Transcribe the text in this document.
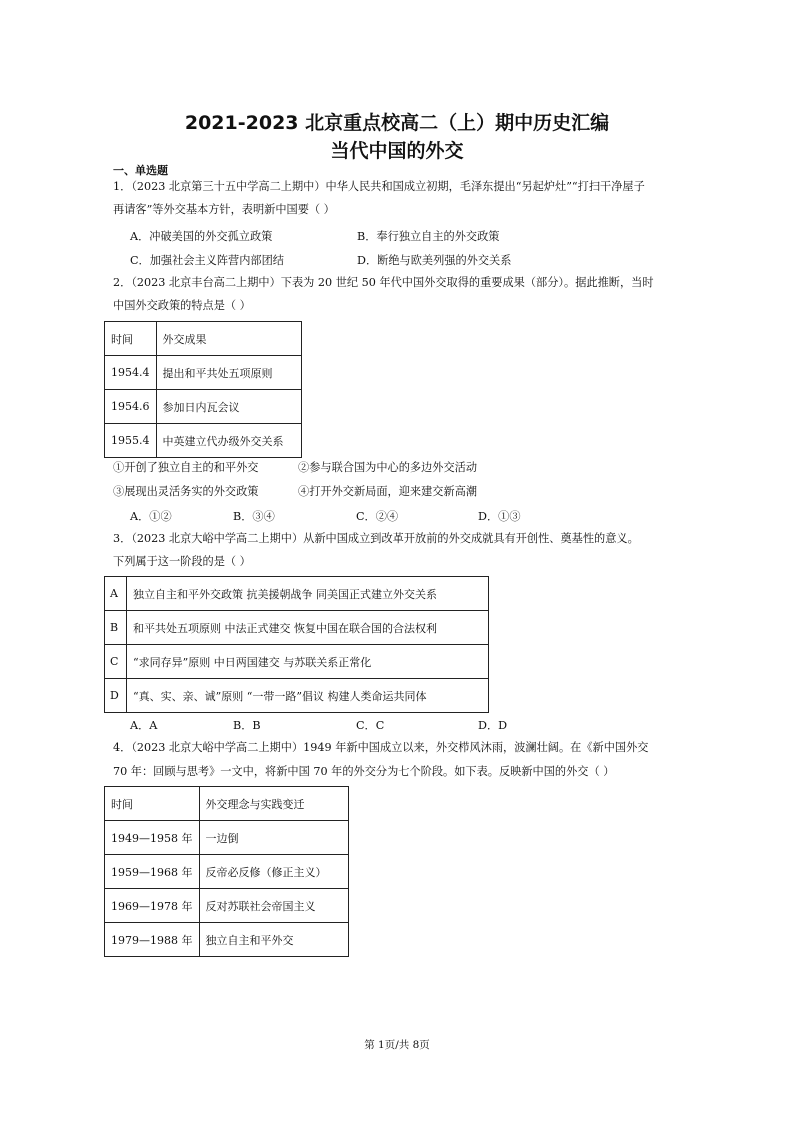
2021-2023 北京重点校高二（上）期中历史汇编
当代中国的外交
一、单选题
1．（2023 北京第三十五中学高二上期中）中华人民共和国成立初期，毛泽东提出“另起炉灶”“打扫干净屋子
再请客”等外交基本方针，表明新中国要（ ）
A．冲破美国的外交孤立政策	B．奉行独立自主的外交政策
C．加强社会主义阵营内部团结	D．断绝与欧美列强的外交关系
2．（2023 北京丰台高二上期中）下表为 20 世纪 50 年代中国外交取得的重要成果（部分）。据此推断，当时
中国外交政策的特点是（ ）
时间	外交成果
1954.4	提出和平共处五项原则
1954.6	参加日内瓦会议
1955.4	中英建立代办级外交关系
①开创了独立自主的和平外交	②参与联合国为中心的多边外交活动
③展现出灵活务实的外交政策	④打开外交新局面，迎来建交新高潮
A．①②	B．③④	C．②④	D．①③
3．（2023 北京大峪中学高二上期中）从新中国成立到改革开放前的外交成就具有开创性、奠基性的意义。
下列属于这一阶段的是（ ）
A	独立自主和平外交政策 抗美援朝战争 同美国正式建立外交关系
B	和平共处五项原则 中法正式建交 恢复中国在联合国的合法权利
C	“求同存异”原则 中日两国建交 与苏联关系正常化
D	“真、实、亲、诚”原则 “一带一路”倡议 构建人类命运共同体
A．A	B．B	C．C	D．D
4．（2023 北京大峪中学高二上期中）1949 年新中国成立以来，外交栉风沐雨，波澜壮阔。在《新中国外交
70 年：回顾与思考》一文中，将新中国 70 年的外交分为七个阶段。如下表。反映新中国的外交（ ）
时间	外交理念与实践变迁
1949—1958 年	一边倒
1959—1968 年	反帝必反修（修正主义）
1969—1978 年	反对苏联社会帝国主义
1979—1988 年	独立自主和平外交
第 1页/共 8页
